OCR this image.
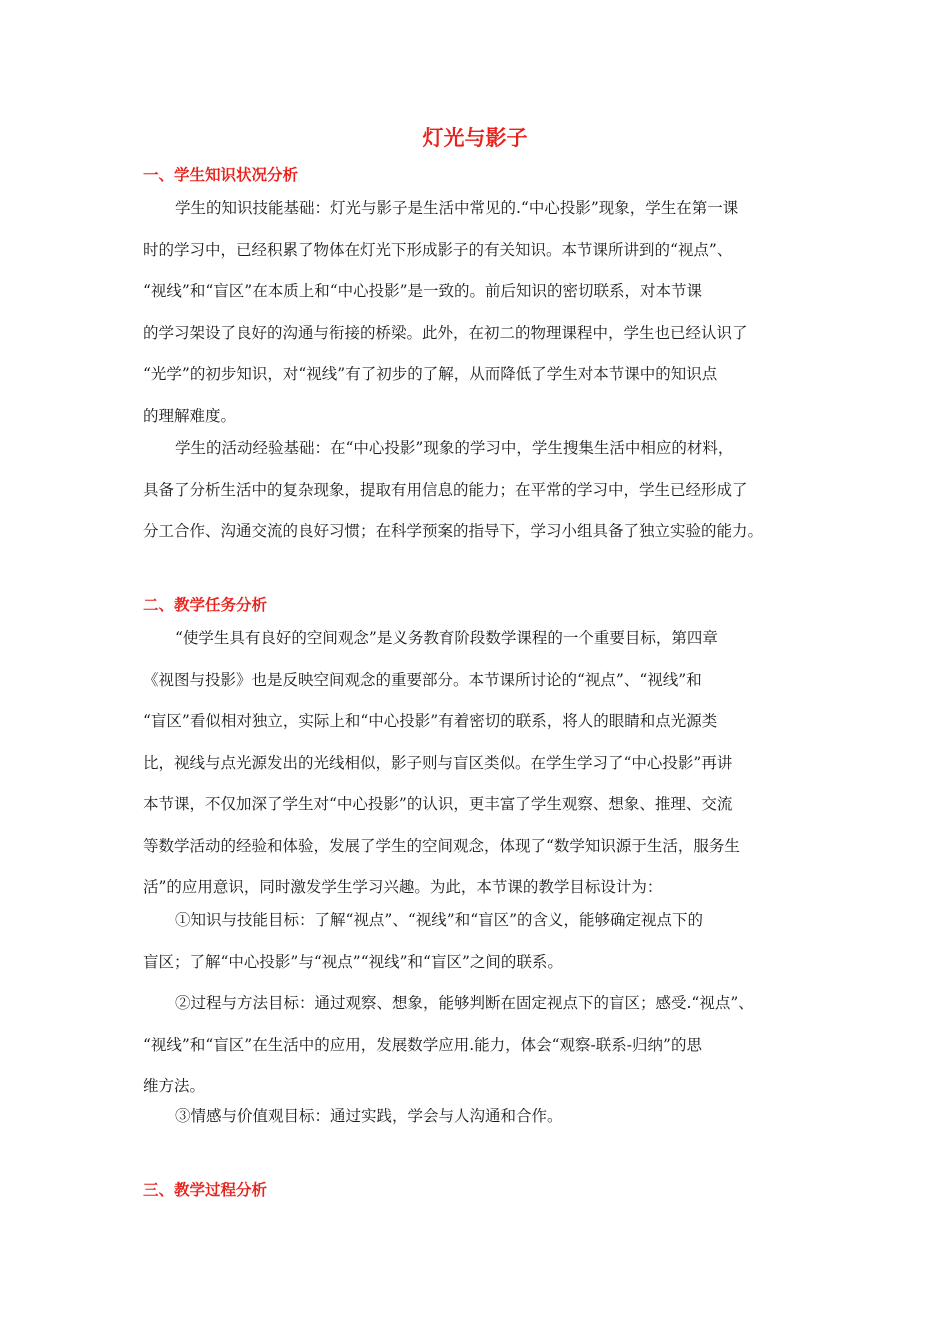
灯光与影子
一、学生知识状况分析

学生的知识技能基础：灯光与影子是生活中常见的.“中心投影”现象，学生在第一课
时的学习中，已经积累了物体在灯光下形成影子的有关知识。本节课所讲到的“视点”、
“视线”和“盲区”在本质上和“中心投影”是一致的。前后知识的密切联系，对本节课
的学习架设了良好的沟通与衔接的桥梁。此外，在初二的物理课程中，学生也已经认识了
“光学”的初步知识，对“视线”有了初步的了解，从而降低了学生对本节课中的知识点
的理解难度。

学生的活动经验基础：在“中心投影”现象的学习中，学生搜集生活中相应的材料，
具备了分析生活中的复杂现象，提取有用信息的能力；在平常的学习中，学生已经形成了
分工合作、沟通交流的良好习惯；在科学预案的指导下，学习小组具备了独立实验的能力。

二、教学任务分析

“使学生具有良好的空间观念”是义务教育阶段数学课程的一个重要目标，第四章
《视图与投影》也是反映空间观念的重要部分。本节课所讨论的“视点”、“视线”和
“盲区”看似相对独立，实际上和“中心投影”有着密切的联系，将人的眼睛和点光源类
比，视线与点光源发出的光线相似，影子则与盲区类似。在学生学习了“中心投影”再讲
本节课，不仅加深了学生对“中心投影”的认识，更丰富了学生观察、想象、推理、交流
等数学活动的经验和体验，发展了学生的空间观念，体现了“数学知识源于生活，服务生
活”的应用意识，同时激发学生学习兴趣。为此，本节课的教学目标设计为：

①知识与技能目标：了解“视点”、“视线”和“盲区”的含义，能够确定视点下的
盲区；了解“中心投影”与“视点”“视线”和“盲区”之间的联系。

②过程与方法目标：通过观察、想象，能够判断在固定视点下的盲区；感受.“视点”、
“视线”和“盲区”在生活中的应用，发展数学应用.能力，体会“观察-联系-归纳”的思
维方法。

③情感与价值观目标：通过实践，学会与人沟通和合作。

三、教学过程分析
